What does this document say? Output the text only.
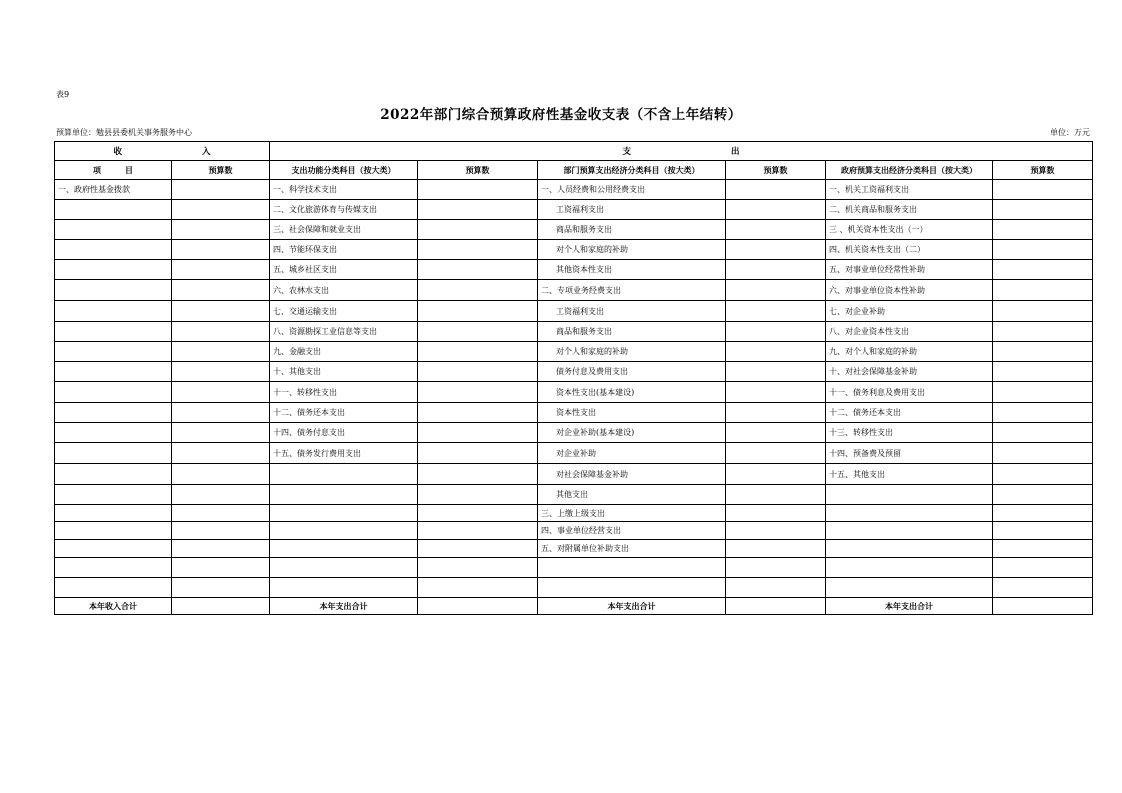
表9
2022年部门综合预算政府性基金收支表（不含上年结转）
预算单位：勉县县委机关事务服务中心	单位：万元
收 入		支 出					
项 目	预算数	支出功能分类科目（按大类）	预算数	部门预算支出经济分类科目（按大类）	预算数	政府预算支出经济分类科目（按大类）	预算数
一、政府性基金拨款		一、科学技术支出		一、人员经费和公用经费支出		一、机关工资福利支出	
		二、文化旅游体育与传媒支出		工资福利支出		二、机关商品和服务支出	
		三、社会保障和就业支出		商品和服务支出		三 、机关资本性支出（一）	
		四、节能环保支出		对个人和家庭的补助		四、机关资本性支出（二）	
		五、城乡社区支出		其他资本性支出		五、对事业单位经常性补助	
		六、农林水支出		二、专项业务经费支出		六、对事业单位资本性补助	
		七、交通运输支出		工资福利支出		七、对企业补助	
		八、资源勘探工业信息等支出		商品和服务支出		八、对企业资本性支出	
		九、金融支出		对个人和家庭的补助		九、对个人和家庭的补助	
		十、其他支出		债务付息及费用支出		十、对社会保障基金补助	
		十一、转移性支出		资本性支出(基本建设)		十一、债务利息及费用支出	
		十二、债务还本支出		资本性支出		十二、债务还本支出	
		十四、债务付息支出		对企业补助(基本建设)		十三、转移性支出	
		十五、债务发行费用支出		对企业补助		十四、预备费及预留	
				对社会保障基金补助		十五、其他支出	
				其他支出			
				三、上缴上级支出			
				四、事业单位经营支出			
				五、对附属单位补助支出			

本年收入合计		本年支出合计		本年支出合计		本年支出合计	
